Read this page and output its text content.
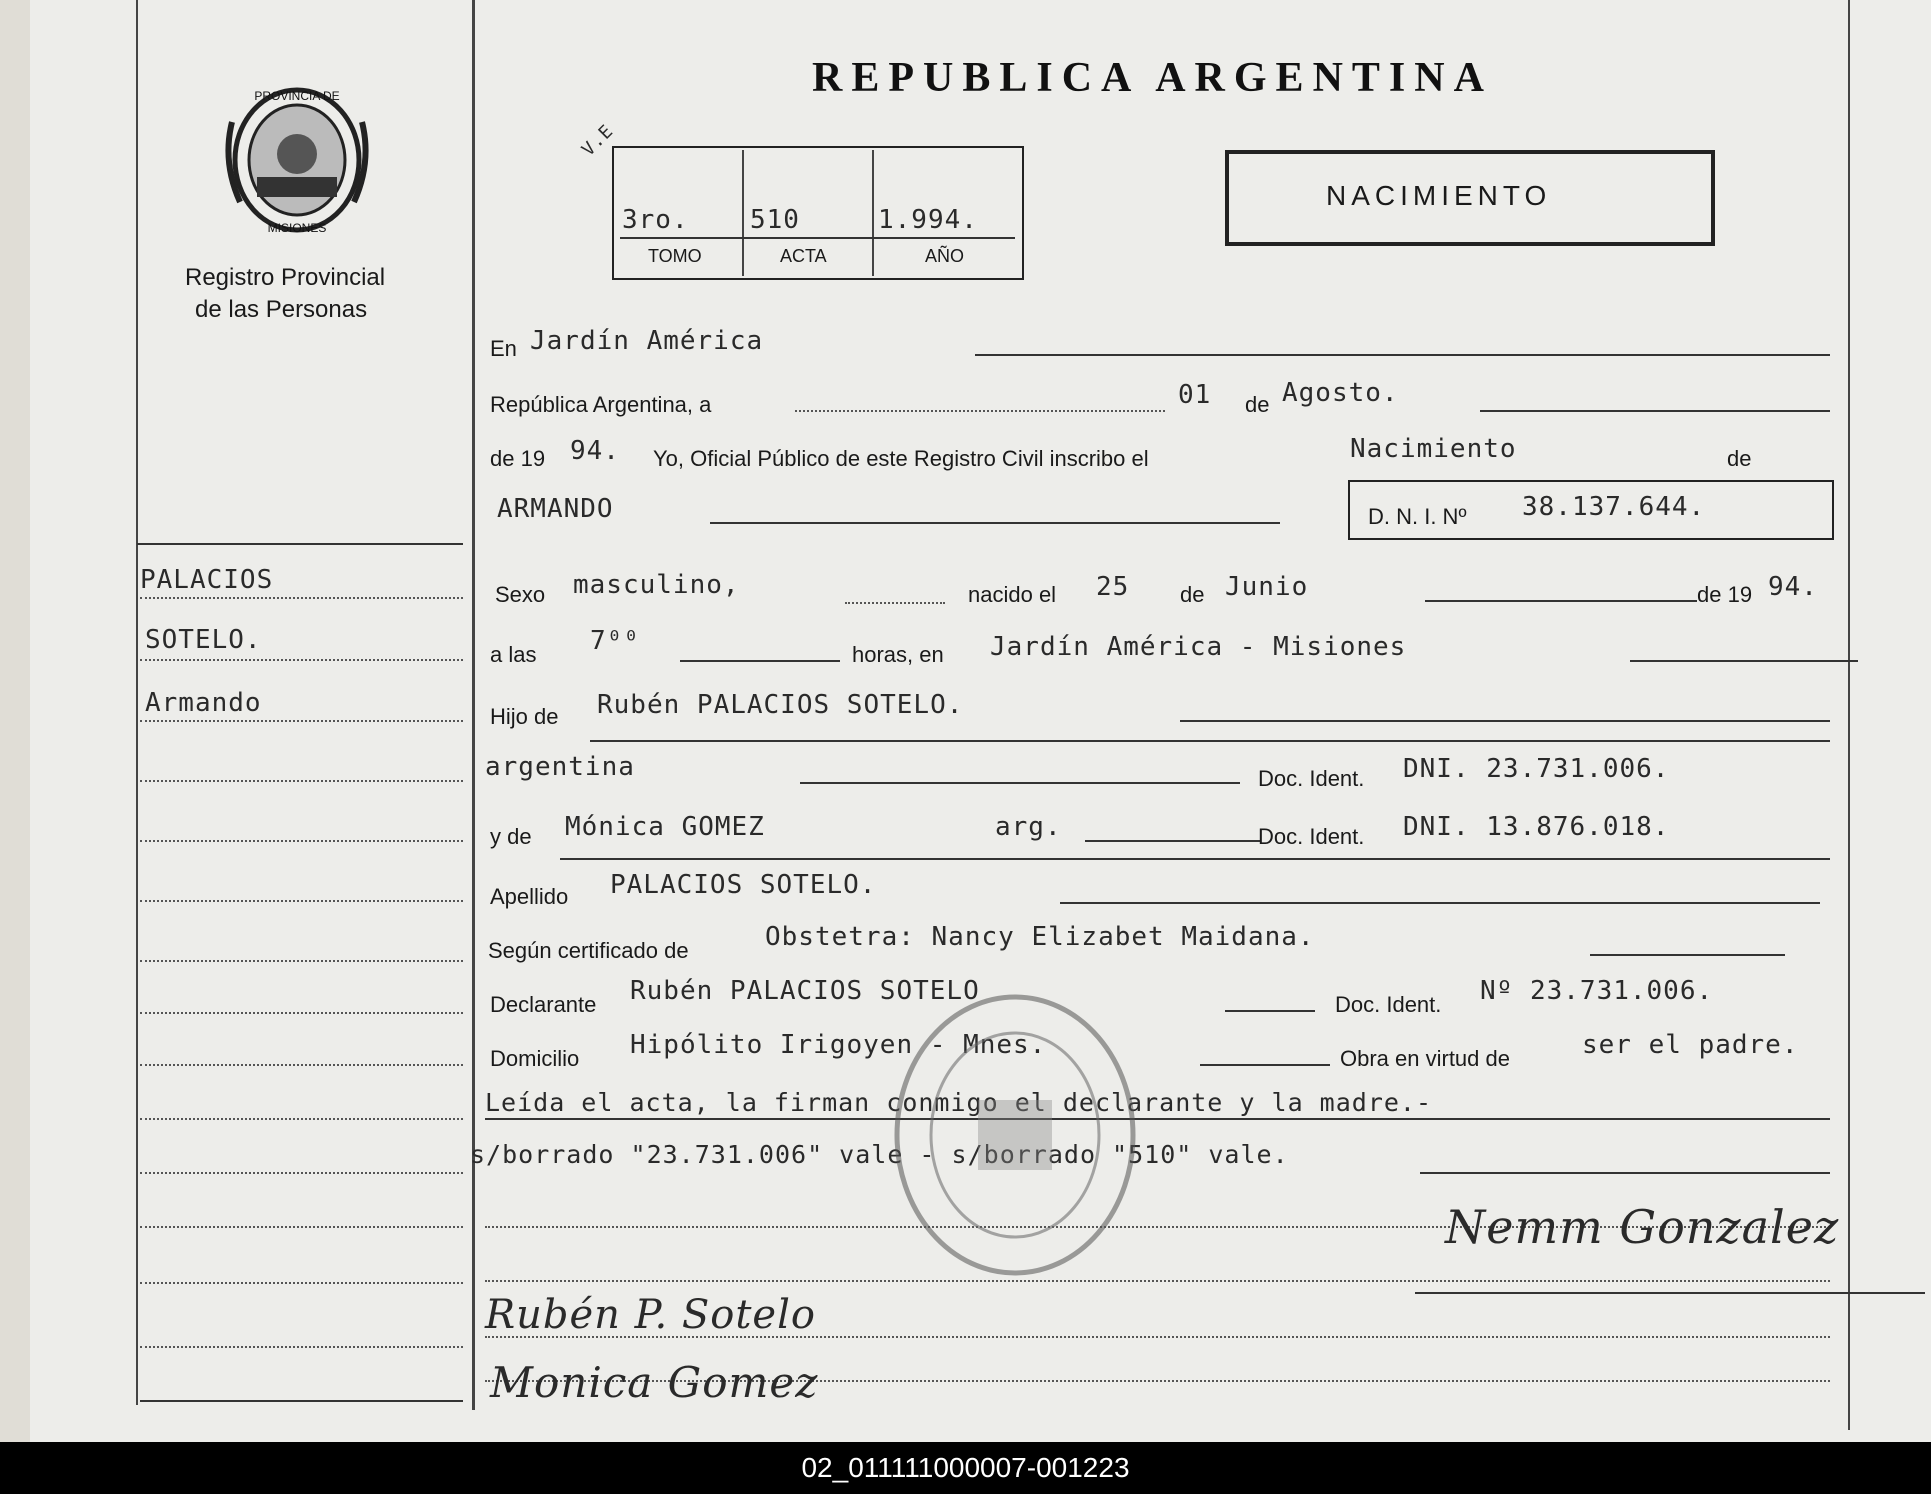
PROVINCIA DE
MISIONES
Registro Provincial
de las Personas
REPUBLICA ARGENTINA
V.E
3ro. 510	1.994.
TOMO	ACTA	AÑO
NACIMIENTO
PALACIOS
SOTELO.
Armando
En Jardín América
República Argentina, a	01 de Agosto.
de 19 94. Yo, Oficial Público de este Registro Civil inscribo el	Nacimiento	de
ARMANDO	D. N. I. Nº 38.137.644.
Sexo masculino,	nacido el 25 de Junio	de 19 94.
a las 7⁰⁰	horas, en Jardín América - Misiones
Hijo de Rubén PALACIOS SOTELO.
argentina	Doc. Ident. DNI. 23.731.006.
y de Mónica GOMEZ	arg.	Doc. Ident. DNI. 13.876.018.
Apellido PALACIOS SOTELO.
Según certificado de	Obstetra: Nancy Elizabet Maidana.
Declarante Rubén PALACIOS SOTELO	Doc. Ident. Nº 23.731.006.
Domicilio Hipólito Irigoyen - Mnes.	Obra en virtud de	ser el padre.
Leída el acta, la firman conmigo el declarante y la madre.-
s/borrado "23.731.006" vale - s/borrado "510" vale.
Rubén P. Sotelo
Monica Gomez
Nemm Gonzalez
02_011111000007-001223
